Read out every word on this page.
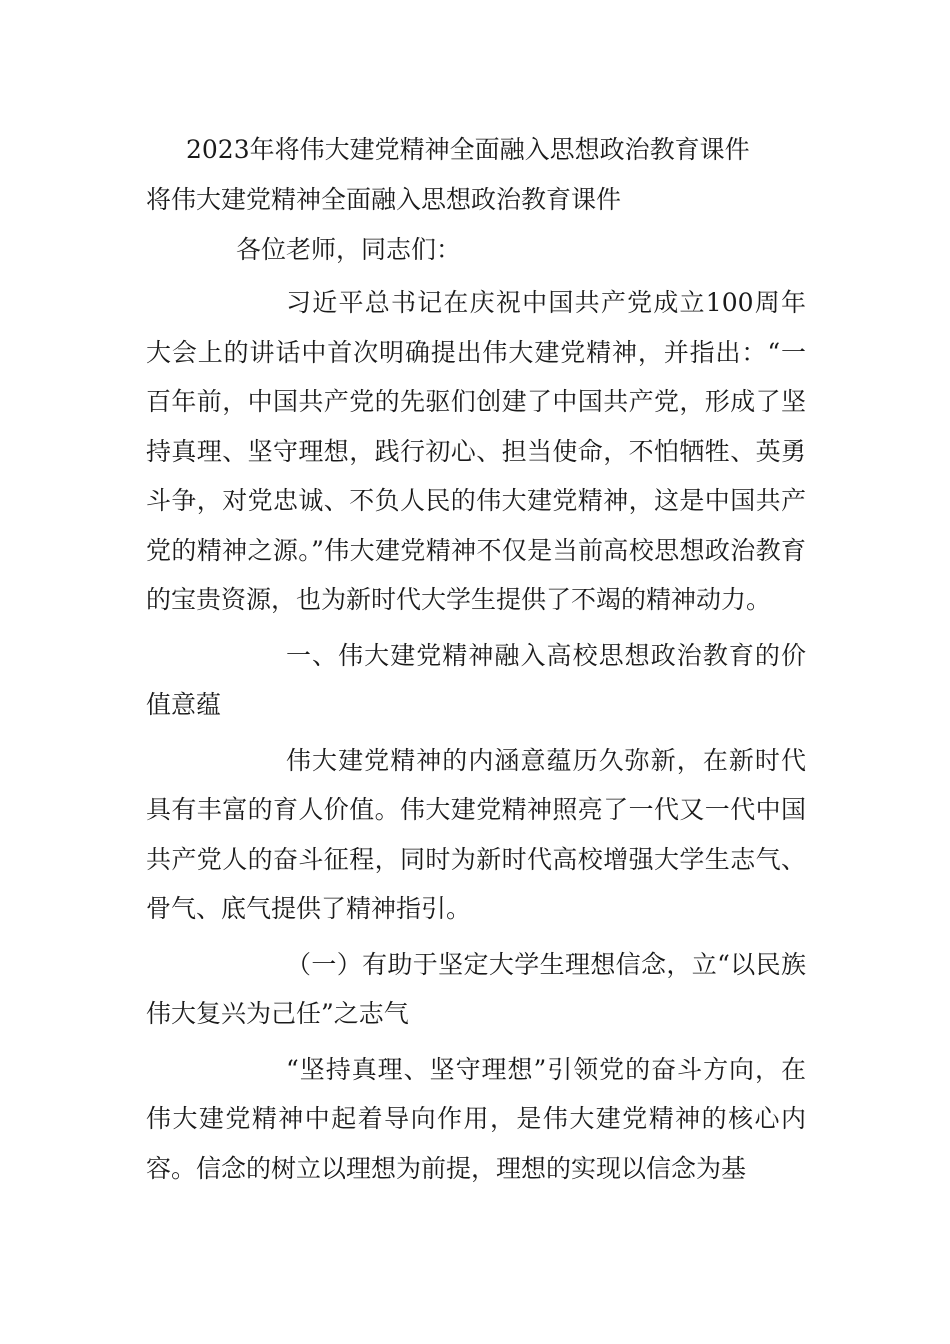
2023年将伟大建党精神全面融入思想政治教育课件
将伟大建党精神全面融入思想政治教育课件

各位老师，同志们：

习近平总书记在庆祝中国共产党成立100周年大会上的讲话中首次明确提出伟大建党精神，并指出：“一百年前，中国共产党的先驱们创建了中国共产党，形成了坚持真理、坚守理想，践行初心、担当使命，不怕牺牲、英勇斗争，对党忠诚、不负人民的伟大建党精神，这是中国共产党的精神之源。”伟大建党精神不仅是当前高校思想政治教育的宝贵资源，也为新时代大学生提供了不竭的精神动力。

一、伟大建党精神融入高校思想政治教育的价值意蕴

伟大建党精神的内涵意蕴历久弥新，在新时代具有丰富的育人价值。伟大建党精神照亮了一代又一代中国共产党人的奋斗征程，同时为新时代高校增强大学生志气、骨气、底气提供了精神指引。

（一）有助于坚定大学生理想信念，立“以民族伟大复兴为己任”之志气

“坚持真理、坚守理想”引领党的奋斗方向，在伟大建党精神中起着导向作用，是伟大建党精神的核心内容。信念的树立以理想为前提，理想的实现以信念为基
